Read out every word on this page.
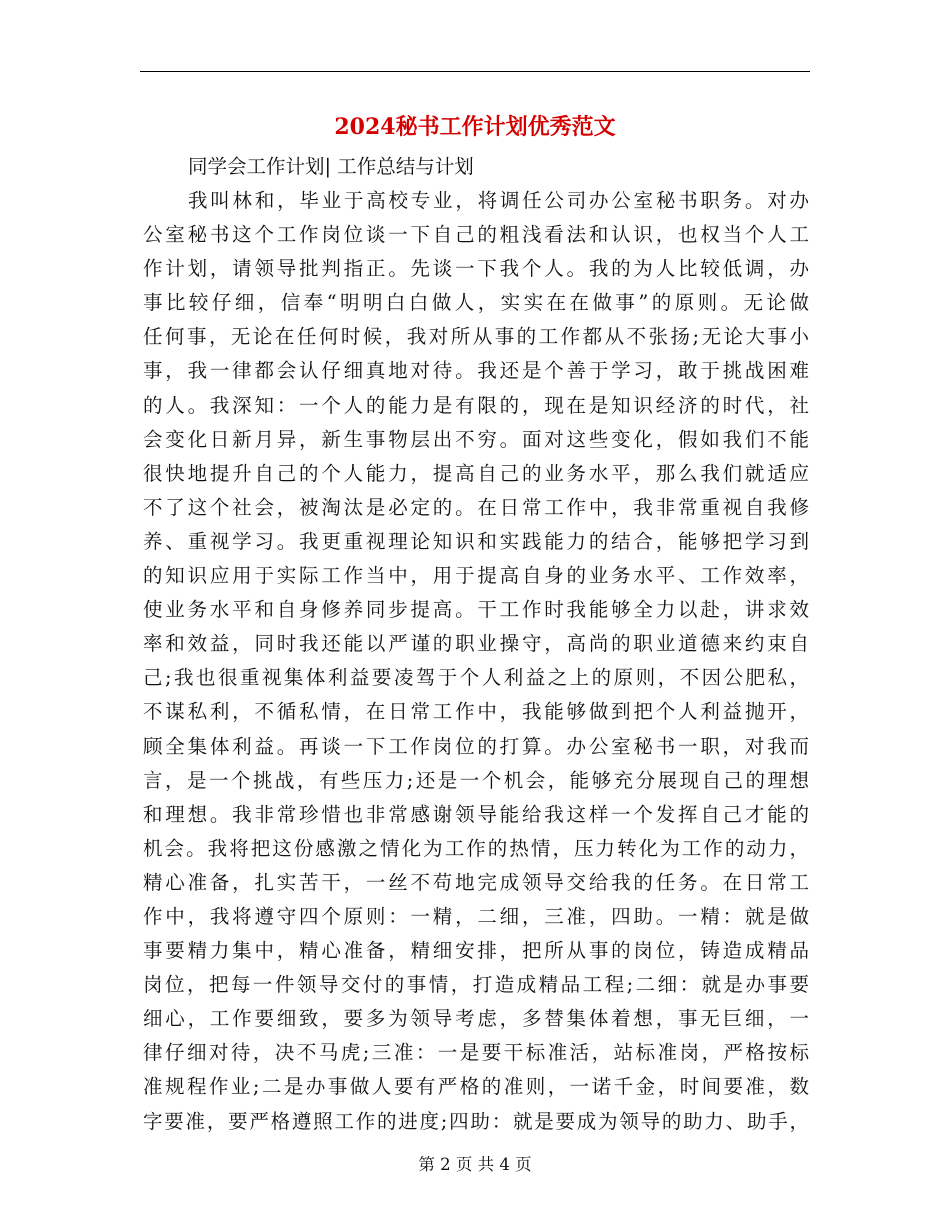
2024秘书工作计划优秀范文
同学会工作计划| 工作总结与计划
我叫林和，毕业于高校专业，将调任公司办公室秘书职务。对办
公室秘书这个工作岗位谈一下自己的粗浅看法和认识，也权当个人工
作计划，请领导批判指正。先谈一下我个人。我的为人比较低调，办
事比较仔细，信奉“明明白白做人，实实在在做事”的原则。无论做
任何事，无论在任何时候，我对所从事的工作都从不张扬;无论大事小
事，我一律都会认仔细真地对待。我还是个善于学习，敢于挑战困难
的人。我深知：一个人的能力是有限的，现在是知识经济的时代，社
会变化日新月异，新生事物层出不穷。面对这些变化，假如我们不能
很快地提升自己的个人能力，提高自己的业务水平，那么我们就适应
不了这个社会，被淘汰是必定的。在日常工作中，我非常重视自我修
养、重视学习。我更重视理论知识和实践能力的结合，能够把学习到
的知识应用于实际工作当中，用于提高自身的业务水平、工作效率，
使业务水平和自身修养同步提高。干工作时我能够全力以赴，讲求效
率和效益，同时我还能以严谨的职业操守，高尚的职业道德来约束自
己;我也很重视集体利益要凌驾于个人利益之上的原则，不因公肥私，
不谋私利，不循私情，在日常工作中，我能够做到把个人利益抛开，
顾全集体利益。再谈一下工作岗位的打算。办公室秘书一职，对我而
言，是一个挑战，有些压力;还是一个机会，能够充分展现自己的理想
和理想。我非常珍惜也非常感谢领导能给我这样一个发挥自己才能的
机会。我将把这份感激之情化为工作的热情，压力转化为工作的动力，
精心准备，扎实苦干，一丝不苟地完成领导交给我的任务。在日常工
作中，我将遵守四个原则：一精，二细，三准，四助。一精：就是做
事要精力集中，精心准备，精细安排，把所从事的岗位，铸造成精品
岗位，把每一件领导交付的事情，打造成精品工程;二细：就是办事要
细心，工作要细致，要多为领导考虑，多替集体着想，事无巨细，一
律仔细对待，决不马虎;三准：一是要干标准活，站标准岗，严格按标
准规程作业;二是办事做人要有严格的准则，一诺千金，时间要准，数
字要准，要严格遵照工作的进度;四助：就是要成为领导的助力、助手，
第 2 页 共 4 页
